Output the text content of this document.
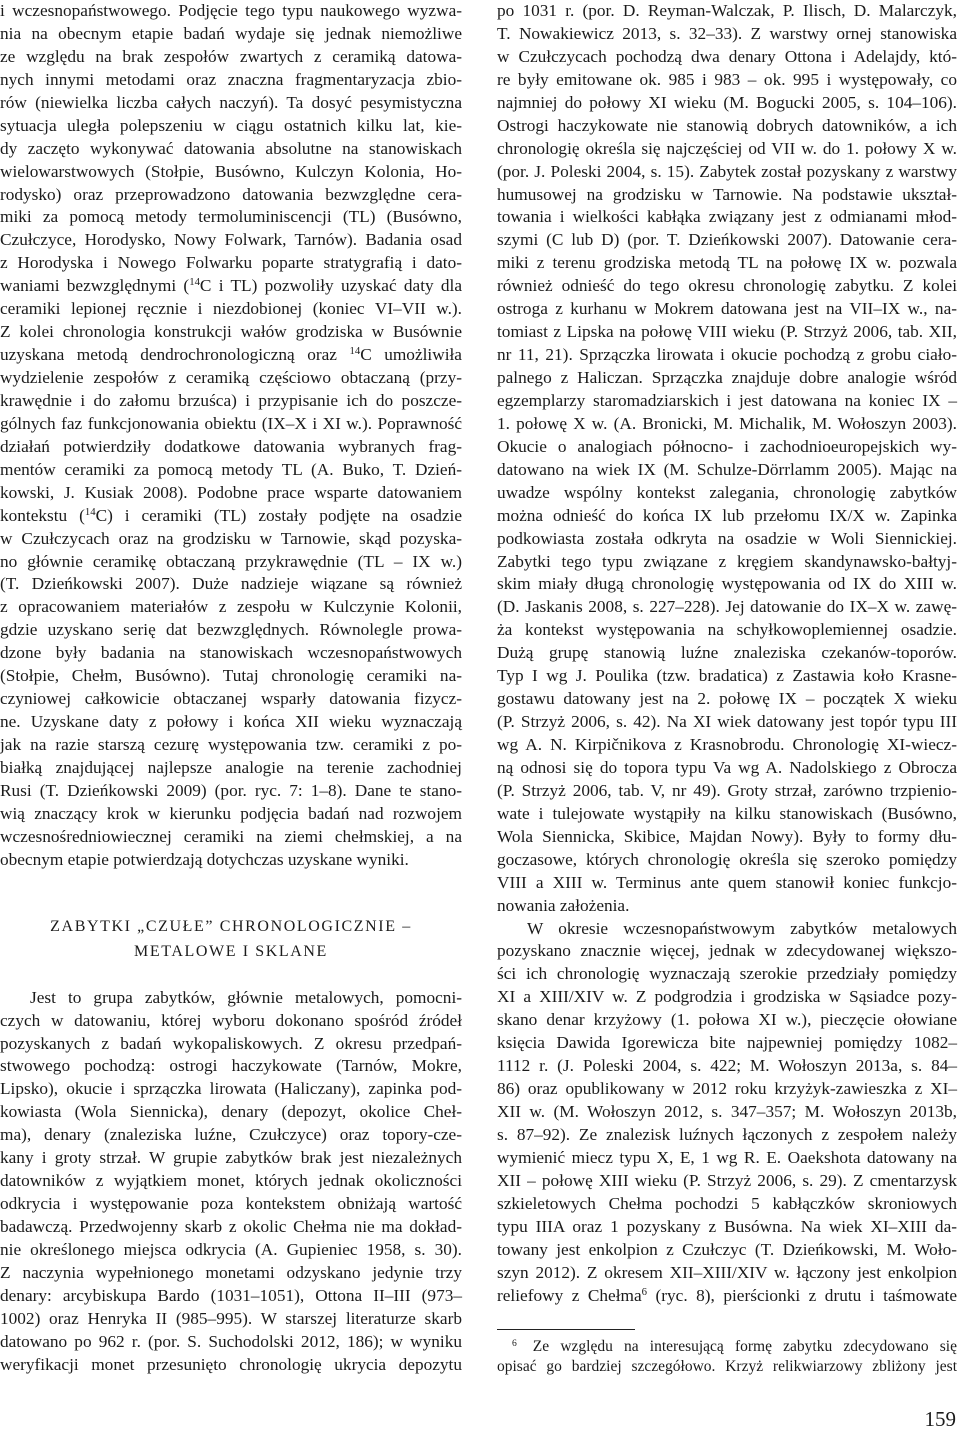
i wczesnopaństwowego. Podjęcie tego typu naukowego wyzwa-
nia na obecnym etapie badań wydaje się jednak niemożliwe
ze względu na brak zespołów zwartych z ceramiką datowa-
nych innymi metodami oraz znaczna fragmentaryzacja zbio-
rów (niewielka liczba całych naczyń). Ta dosyć pesymistyczna
sytuacja uległa polepszeniu w ciągu ostatnich kilku lat, kie-
dy zaczęto wykonywać datowania absolutne na stanowiskach
wielowarstwowych (Stołpie, Busówno, Kulczyn Kolonia, Ho-
rodysko) oraz przeprowadzono datowania bezwzględne cera-
miki za pomocą metody termoluminiscencji (TL) (Busówno,
Czułczyce, Horodysko, Nowy Folwark, Tarnów). Badania osad
z Horodyska i Nowego Folwarku poparte stratygrafią i dato-
waniami bezwzględnymi ($^{14}$C i TL) pozwoliły uzyskać daty dla
ceramiki lepionej ręcznie i niezdobionej (koniec VI–VII w.).
Z kolei chronologia konstrukcji wałów grodziska w Busównie
uzyskana metodą dendrochronologiczną oraz $^{14}$C umożliwiła
wydzielenie zespołów z ceramiką częściowo obtaczaną (przy-
krawędnie i do załomu brzuśca) i przypisanie ich do poszcze-
gólnych faz funkcjonowania obiektu (IX–X i XI w.). Poprawność
działań potwierdziły dodatkowe datowania wybranych frag-
mentów ceramiki za pomocą metody TL (A. Buko, T. Dzień-
kowski, J. Kusiak 2008). Podobne prace wsparte datowaniem
kontekstu ($^{14}$C) i ceramiki (TL) zostały podjęte na osadzie
w Czułczycach oraz na grodzisku w Tarnowie, skąd pozyska-
no głównie ceramikę obtaczaną przykrawędnie (TL – IX w.)
(T. Dzieńkowski 2007). Duże nadzieje wiązane są również
z opracowaniem materiałów z zespołu w Kulczynie Kolonii,
gdzie uzyskano serię dat bezwzględnych. Równolegle prowa-
dzone były badania na stanowiskach wczesnopaństwowych
(Stołpie, Chełm, Busówno). Tutaj chronologię ceramiki na-
czyniowej całkowicie obtaczanej wsparły datowania fizycz-
ne. Uzyskane daty z połowy i końca XII wieku wyznaczają
jak na razie starszą cezurę występowania tzw. ceramiki z po-
białką znajdującej najlepsze analogie na terenie zachodniej
Rusi (T. Dzieńkowski 2009) (por. ryc. 7: 1–8). Dane te stano-
wią znaczący krok w kierunku podjęcia badań nad rozwojem
wczesnośredniowiecznej ceramiki na ziemi chełmskiej, a na
obecnym etapie potwierdzają dotychczas uzyskane wyniki.
ZABYTKI „CZUŁE” CHRONOLOGICZNIE –
METALOWE I SKLANE
Jest to grupa zabytków, głównie metalowych, pomocni-
czych w datowaniu, której wyboru dokonano spośród źródeł
pozyskanych z badań wykopaliskowych. Z okresu przedpań-
stwowego pochodzą: ostrogi haczykowate (Tarnów, Mokre,
Lipsko), okucie i sprzączka lirowata (Haliczany), zapinka pod-
kowiasta (Wola Siennicka), denary (depozyt, okolice Cheł-
ma), denary (znaleziska luźne, Czułczyce) oraz topory-cze-
kany i groty strzał. W grupie zabytków brak jest niezależnych
datowników z wyjątkiem monet, których jednak okoliczności
odkrycia i występowanie poza kontekstem obniżają wartość
badawczą. Przedwojenny skarb z okolic Chełma nie ma dokład-
nie określonego miejsca odkrycia (A. Gupieniec 1958, s. 30).
Z naczynia wypełnionego monetami odzyskano jedynie trzy
denary: arcybiskupa Bardo (1031–1051), Ottona II–III (973–
1002) oraz Henryka II (985–995). W starszej literaturze skarb
datowano po 962 r. (por. S. Suchodolski 2012, 186); w wyniku
weryfikacji monet przesunięto chronologię ukrycia depozytu
po 1031 r. (por. D. Reyman-Walczak, P. Ilisch, D. Malarczyk,
T. Nowakiewicz 2013, s. 32–33). Z warstwy ornej stanowiska
w Czułczycach pochodzą dwa denary Ottona i Adelajdy, któ-
re były emitowane ok. 985 i 983 – ok. 995 i występowały, co
najmniej do połowy XI wieku (M. Bogucki 2005, s. 104–106).
Ostrogi haczykowate nie stanowią dobrych datowników, a ich
chronologię określa się najczęściej od VII w. do 1. połowy X w.
(por. J. Poleski 2004, s. 15). Zabytek został pozyskany z warstwy
humusowej na grodzisku w Tarnowie. Na podstawie ukształ-
towania i wielkości kabłąka związany jest z odmianami młod-
szymi (C lub D) (por. T. Dzieńkowski 2007). Datowanie cera-
miki z terenu grodziska metodą TL na połowę IX w. pozwala
również odnieść do tego okresu chronologię zabytku. Z kolei
ostroga z kurhanu w Mokrem datowana jest na VII–IX w., na-
tomiast z Lipska na połowę VIII wieku (P. Strzyż 2006, tab. XII,
nr 11, 21). Sprzączka lirowata i okucie pochodzą z grobu ciało-
palnego z Haliczan. Sprzączka znajduje dobre analogie wśród
egzemplarzy staromadziarskich i jest datowana na koniec IX –
1. połowę X w. (A. Bronicki, M. Michalik, M. Wołoszyn 2003).
Okucie o analogiach północno- i zachodnioeuropejskich wy-
datowano na wiek IX (M. Schulze-Dörrlamm 2005). Mając na
uwadze wspólny kontekst zalegania, chronologię zabytków
można odnieść do końca IX lub przełomu IX/X w. Zapinka
podkowiasta została odkryta na osadzie w Woli Siennickiej.
Zabytki tego typu związane z kręgiem skandynawsko-bałtyj-
skim miały długą chronologię występowania od IX do XIII w.
(D. Jaskanis 2008, s. 227–228). Jej datowanie do IX–X w. zawę-
ża kontekst występowania na schyłkowoplemiennej osadzie.
Dużą grupę stanowią luźne znaleziska czekanów-toporów.
Typ I wg J. Poulika (tzw. bradatica) z Zastawia koło Krasne-
gostawu datowany jest na 2. połowę IX – początek X wieku
(P. Strzyż 2006, s. 42). Na XI wiek datowany jest topór typu III
wg A. N. Kirpičnikova z Krasnobrodu. Chronologię XI-wiecz-
ną odnosi się do topora typu Va wg A. Nadolskiego z Obrocza
(P. Strzyż 2006, tab. V, nr 49). Groty strzał, zarówno trzpienio-
wate i tulejowate wystąpiły na kilku stanowiskach (Busówno,
Wola Siennicka, Skibice, Majdan Nowy). Były to formy dłu-
goczasowe, których chronologię określa się szeroko pomiędzy
VIII a XIII w. Terminus ante quem stanowił koniec funkcjo-
nowania założenia.
W okresie wczesnopaństwowym zabytków metalowych
pozyskano znacznie więcej, jednak w zdecydowanej większo-
ści ich chronologię wyznaczają szerokie przedziały pomiędzy
XI a XIII/XIV w. Z podgrodzia i grodziska w Sąsiadce pozy-
skano denar krzyżowy (1. połowa XI w.), pieczęcie ołowiane
księcia Dawida Igorewicza bite najpewniej pomiędzy 1082–
1112 r. (J. Poleski 2004, s. 422; M. Wołoszyn 2013a, s. 84–
86) oraz opublikowany w 2012 roku krzyżyk-zawieszka z XI–
XII w. (M. Wołoszyn 2012, s. 347–357; M. Wołoszyn 2013b,
s. 87–92). Ze znalezisk luźnych łączonych z zespołem należy
wymienić miecz typu X, E, 1 wg R. E. Oaekshota datowany na
XII – połowę XIII wieku (P. Strzyż 2006, s. 29). Z cmentarzysk
szkieletowych Chełma pochodzi 5 kabłączków skroniowych
typu IIIA oraz 1 pozyskany z Busówna. Na wiek XI–XIII da-
towany jest enkolpion z Czułczyc (T. Dzieńkowski, M. Woło-
szyn 2012). Z okresem XII–XIII/XIV w. łączony jest enkolpion
reliefowy z Chełma$^6$ (ryc. 8), pierścionki z drutu i taśmowate
$^6$ Ze względu na interesującą formę zabytku zdecydowano się
opisać go bardziej szczegółowo. Krzyż relikwiarzowy zbliżony jest
159
